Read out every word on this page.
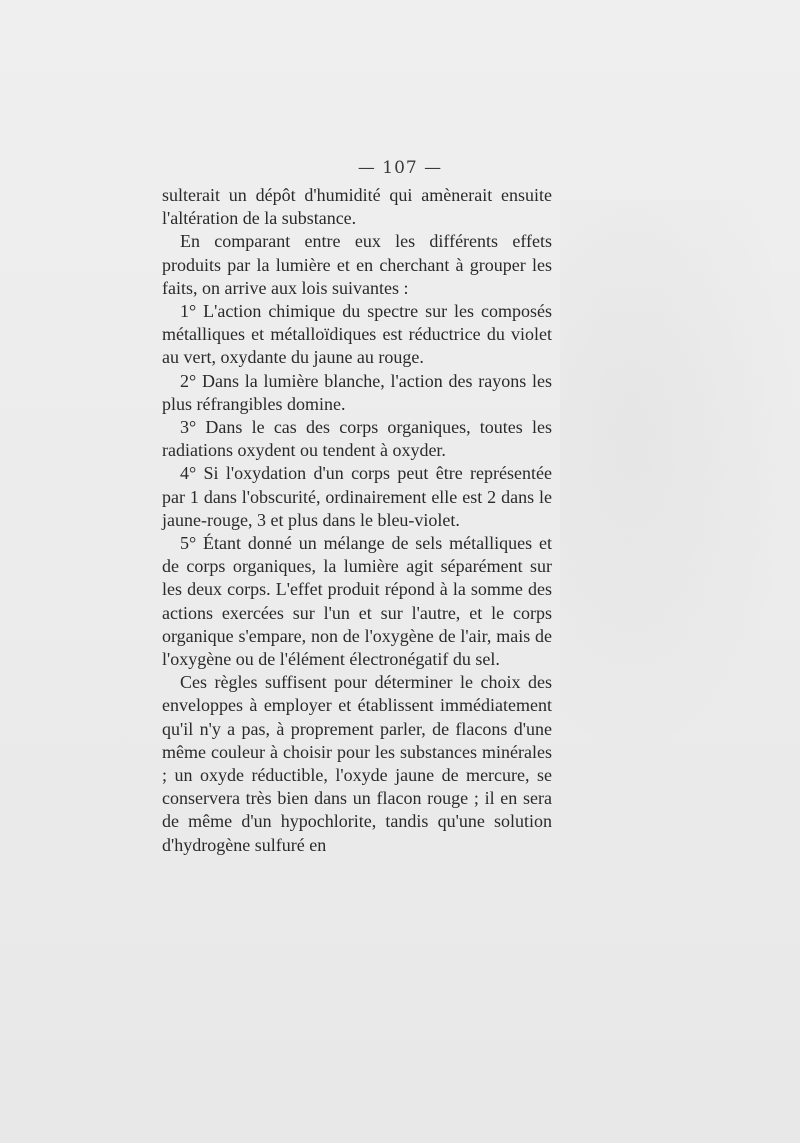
— 107 —

sulterait un dépôt d'humidité qui amènerait ensuite l'altération de la substance.

En comparant entre eux les différents effets produits par la lumière et en cherchant à grouper les faits, on arrive aux lois suivantes :

1° L'action chimique du spectre sur les composés métalliques et métalloïdiques est réductrice du violet au vert, oxydante du jaune au rouge.

2° Dans la lumière blanche, l'action des rayons les plus réfrangibles domine.

3° Dans le cas des corps organiques, toutes les radiations oxydent ou tendent à oxyder.

4° Si l'oxydation d'un corps peut être représentée par 1 dans l'obscurité, ordinairement elle est 2 dans le jaune-rouge, 3 et plus dans le bleu-violet.

5° Étant donné un mélange de sels métalliques et de corps organiques, la lumière agit séparément sur les deux corps. L'effet produit répond à la somme des actions exercées sur l'un et sur l'autre, et le corps organique s'empare, non de l'oxygène de l'air, mais de l'oxygène ou de l'élément électronégatif du sel.

Ces règles suffisent pour déterminer le choix des enveloppes à employer et établissent immédiatement qu'il n'y a pas, à proprement parler, de flacons d'une même couleur à choisir pour les substances minérales ; un oxyde réductible, l'oxyde jaune de mercure, se conservera très bien dans un flacon rouge ; il en sera de même d'un hypochlorite, tandis qu'une solution d'hydrogène sulfuré en
